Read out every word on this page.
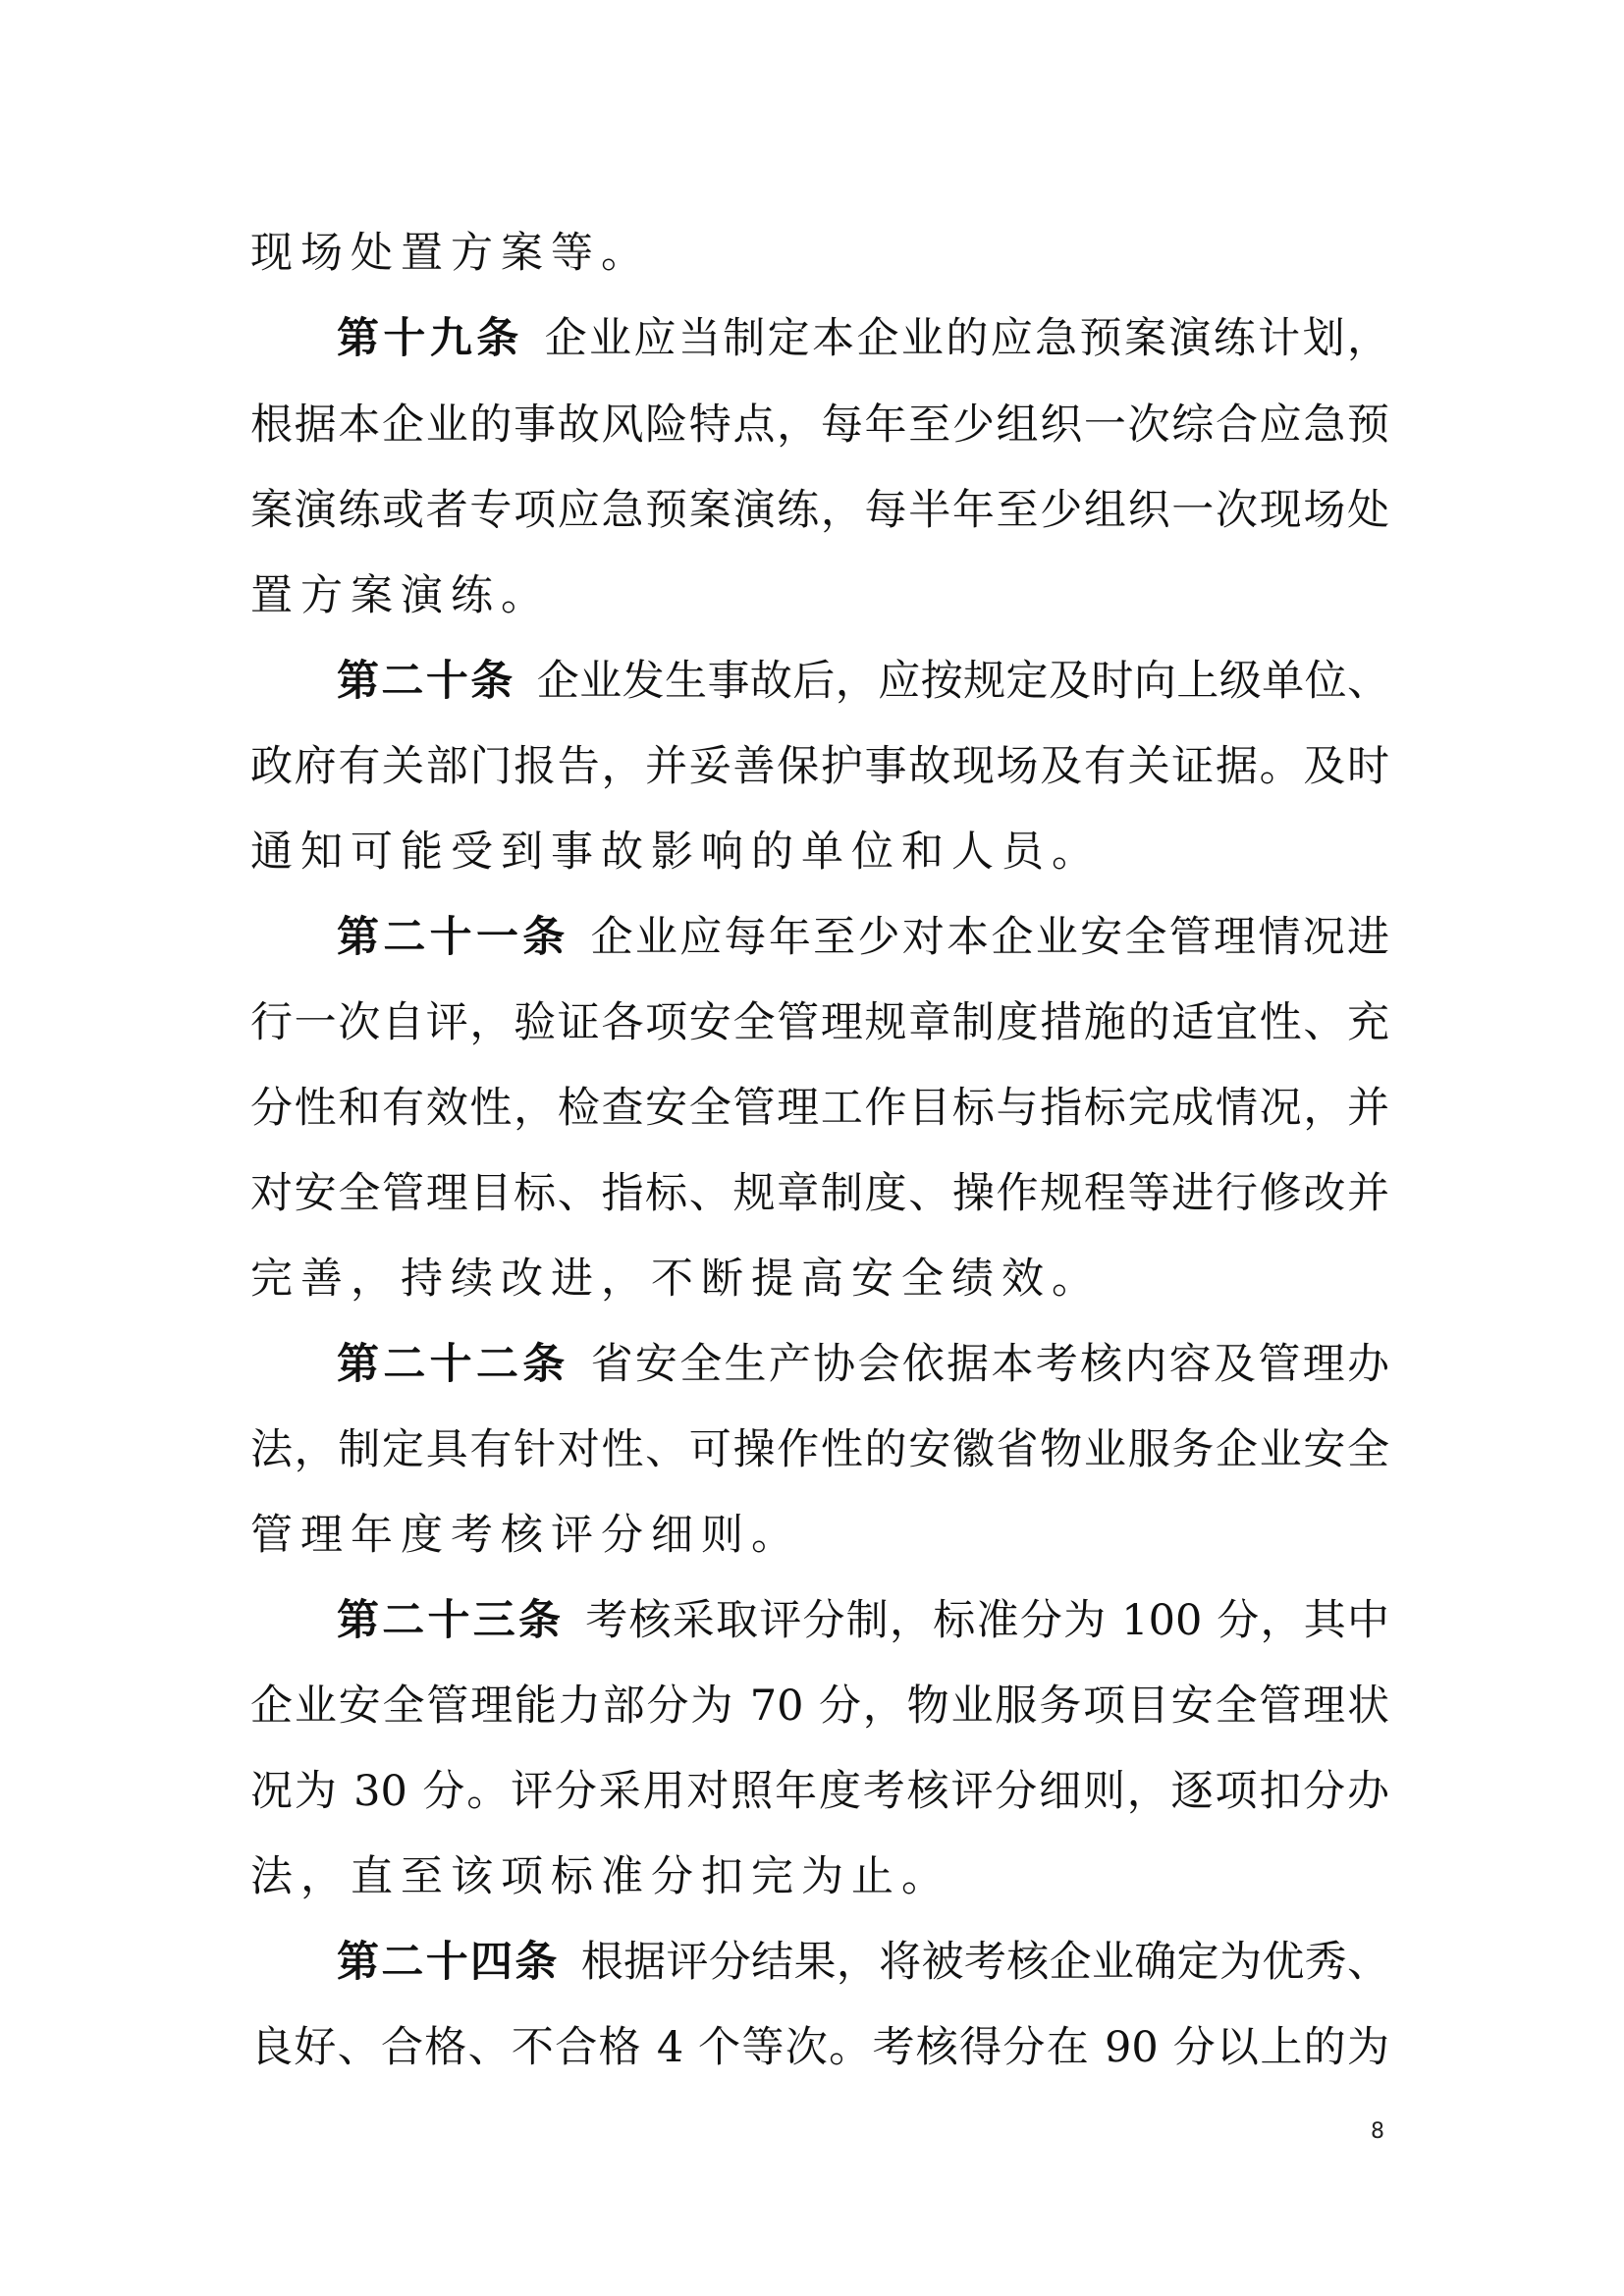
现场处置方案等。
第十九条 企业应当制定本企业的应急预案演练计划，
根据本企业的事故风险特点，每年至少组织一次综合应急预
案演练或者专项应急预案演练，每半年至少组织一次现场处
置方案演练。
第二十条 企业发生事故后，应按规定及时向上级单位、
政府有关部门报告，并妥善保护事故现场及有关证据。及时
通知可能受到事故影响的单位和人员。
第二十一条 企业应每年至少对本企业安全管理情况进
行一次自评，验证各项安全管理规章制度措施的适宜性、充
分性和有效性，检查安全管理工作目标与指标完成情况，并
对安全管理目标、指标、规章制度、操作规程等进行修改并
完善，持续改进，不断提高安全绩效。
第二十二条 省安全生产协会依据本考核内容及管理办
法，制定具有针对性、可操作性的安徽省物业服务企业安全
管理年度考核评分细则。
第二十三条 考核采取评分制，标准分为 100 分，其中
企业安全管理能力部分为 70 分，物业服务项目安全管理状
况为 30 分。评分采用对照年度考核评分细则，逐项扣分办
法，直至该项标准分扣完为止。
第二十四条 根据评分结果，将被考核企业确定为优秀、
良好、合格、不合格 4 个等次。考核得分在 90 分以上的为
8
